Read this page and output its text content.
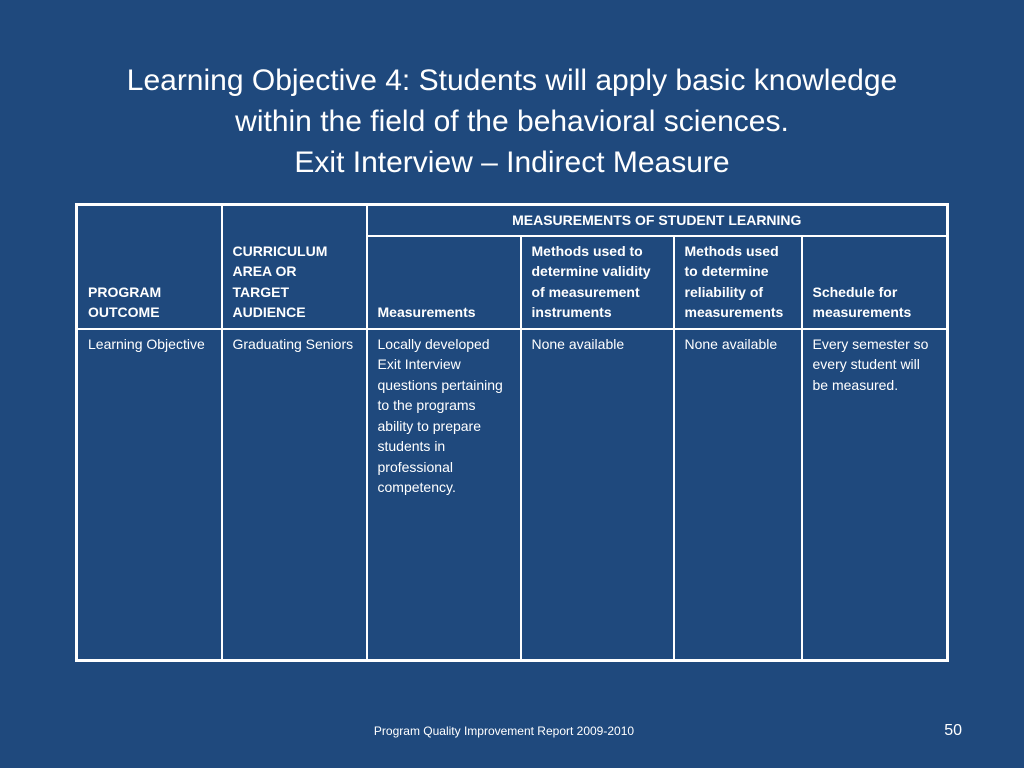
Learning Objective 4: Students will apply basic knowledge
within the field of the behavioral sciences.
Exit Interview – Indirect Measure
PROGRAM OUTCOME	CURRICULUM AREA OR TARGET AUDIENCE	MEASUREMENTS OF STUDENT LEARNING			
		Measurements	Methods used to determine validity of measurement instruments	Methods used to determine reliability of measurements	Schedule for measurements
Learning Objective	Graduating Seniors	Locally developed Exit Interview questions pertaining to the programs ability to prepare students in professional competency.	None available	None available	Every semester so every student will be measured.
Program Quality Improvement Report 2009-2010	50
